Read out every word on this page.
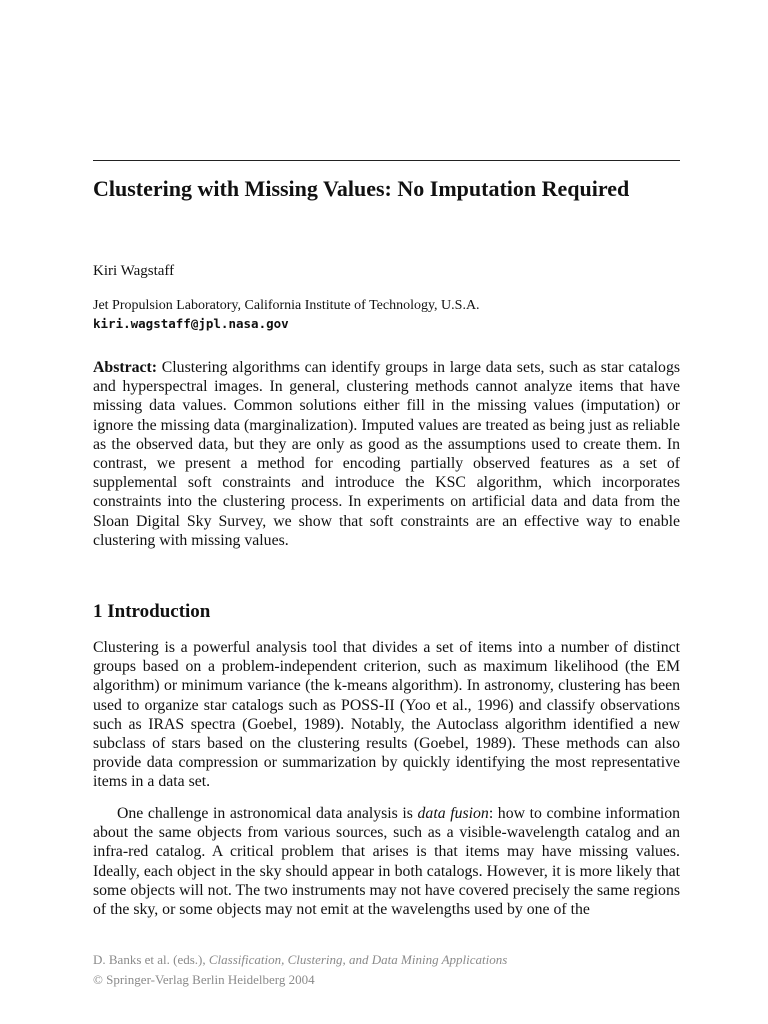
Clustering with Missing Values: No Imputation Required
Kiri Wagstaff
Jet Propulsion Laboratory, California Institute of Technology, U.S.A.
kiri.wagstaff@jpl.nasa.gov

Abstract: Clustering algorithms can identify groups in large data sets, such as star catalogs and hyperspectral images. In general, clustering methods cannot analyze items that have missing data values. Common solutions either fill in the missing values (imputation) or ignore the missing data (marginalization). Imputed values are treated as being just as reliable as the observed data, but they are only as good as the assumptions used to create them. In contrast, we present a method for encoding partially observed features as a set of supplemental soft constraints and introduce the KSC algorithm, which incorporates constraints into the clustering process. In experiments on artificial data and data from the Sloan Digital Sky Survey, we show that soft constraints are an effective way to enable clustering with missing values.

1 Introduction

Clustering is a powerful analysis tool that divides a set of items into a number of distinct groups based on a problem-independent criterion, such as maximum likelihood (the EM algorithm) or minimum variance (the k-means algorithm). In astronomy, clustering has been used to organize star catalogs such as POSS-II (Yoo et al., 1996) and classify observations such as IRAS spectra (Goebel, 1989). Notably, the Autoclass algorithm identified a new subclass of stars based on the clustering results (Goebel, 1989). These methods can also provide data compression or summarization by quickly identifying the most representative items in a data set.

One challenge in astronomical data analysis is data fusion: how to combine information about the same objects from various sources, such as a visible-wavelength catalog and an infra-red catalog. A critical problem that arises is that items may have missing values. Ideally, each object in the sky should appear in both catalogs. However, it is more likely that some objects will not. The two instruments may not have covered precisely the same regions of the sky, or some objects may not emit at the wavelengths used by one of the

D. Banks et al. (eds.), Classification, Clustering, and Data Mining Applications
© Springer-Verlag Berlin Heidelberg 2004
